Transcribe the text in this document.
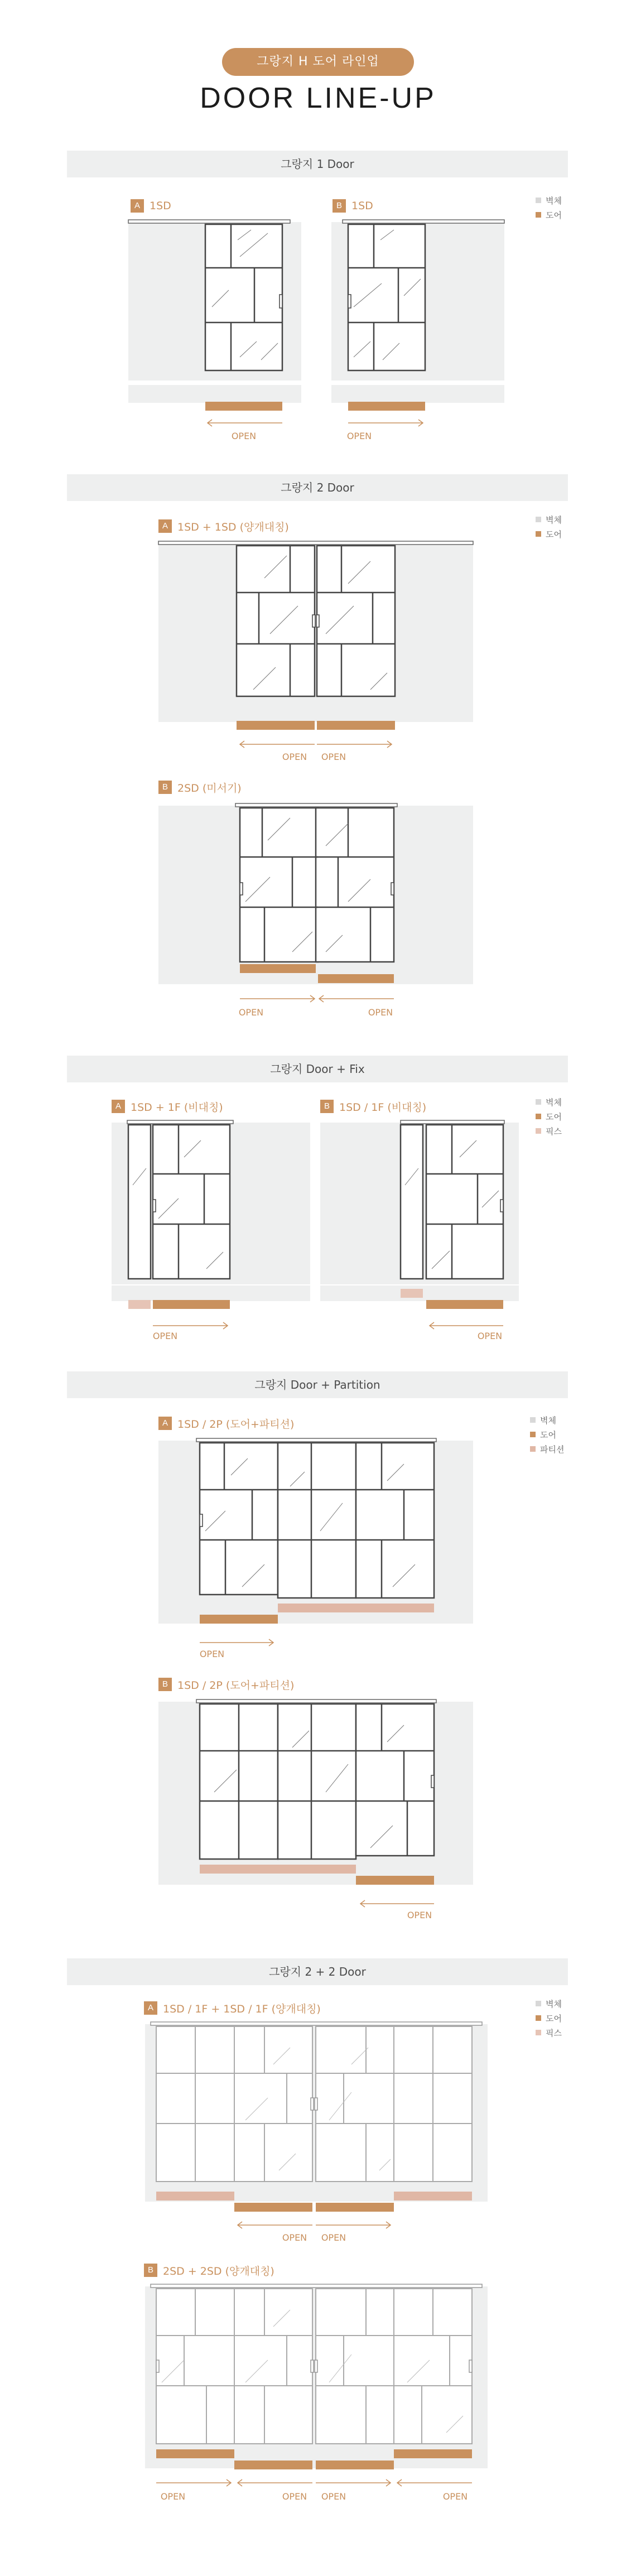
그랑지 H 도어 라인업
DOOR LINE-UP
그랑지 1 Door
벽체
도어
A 1SD	B 1SD
OPEN	OPEN
그랑지 2 Door
벽체
도어
A 1SD + 1SD (양개대칭)
OPEN OPEN
B 2SD (미서기)
OPEN	OPEN
그랑지 Door + Fix
벽체
도어
픽스
A 1SD + 1F (비대칭)	B 1SD / 1F (비대칭)
OPEN	OPEN
그랑지 Door + Partition
벽체
도어
파티션
A 1SD / 2P (도어+파티션)
OPEN
B 1SD / 2P (도어+파티션)
OPEN
그랑지 2 + 2 Door
벽체
도어
픽스
A 1SD / 1F + 1SD / 1F (양개대칭)
OPEN OPEN
B 2SD + 2SD (양개대칭)
OPEN	OPEN OPEN	OPEN
